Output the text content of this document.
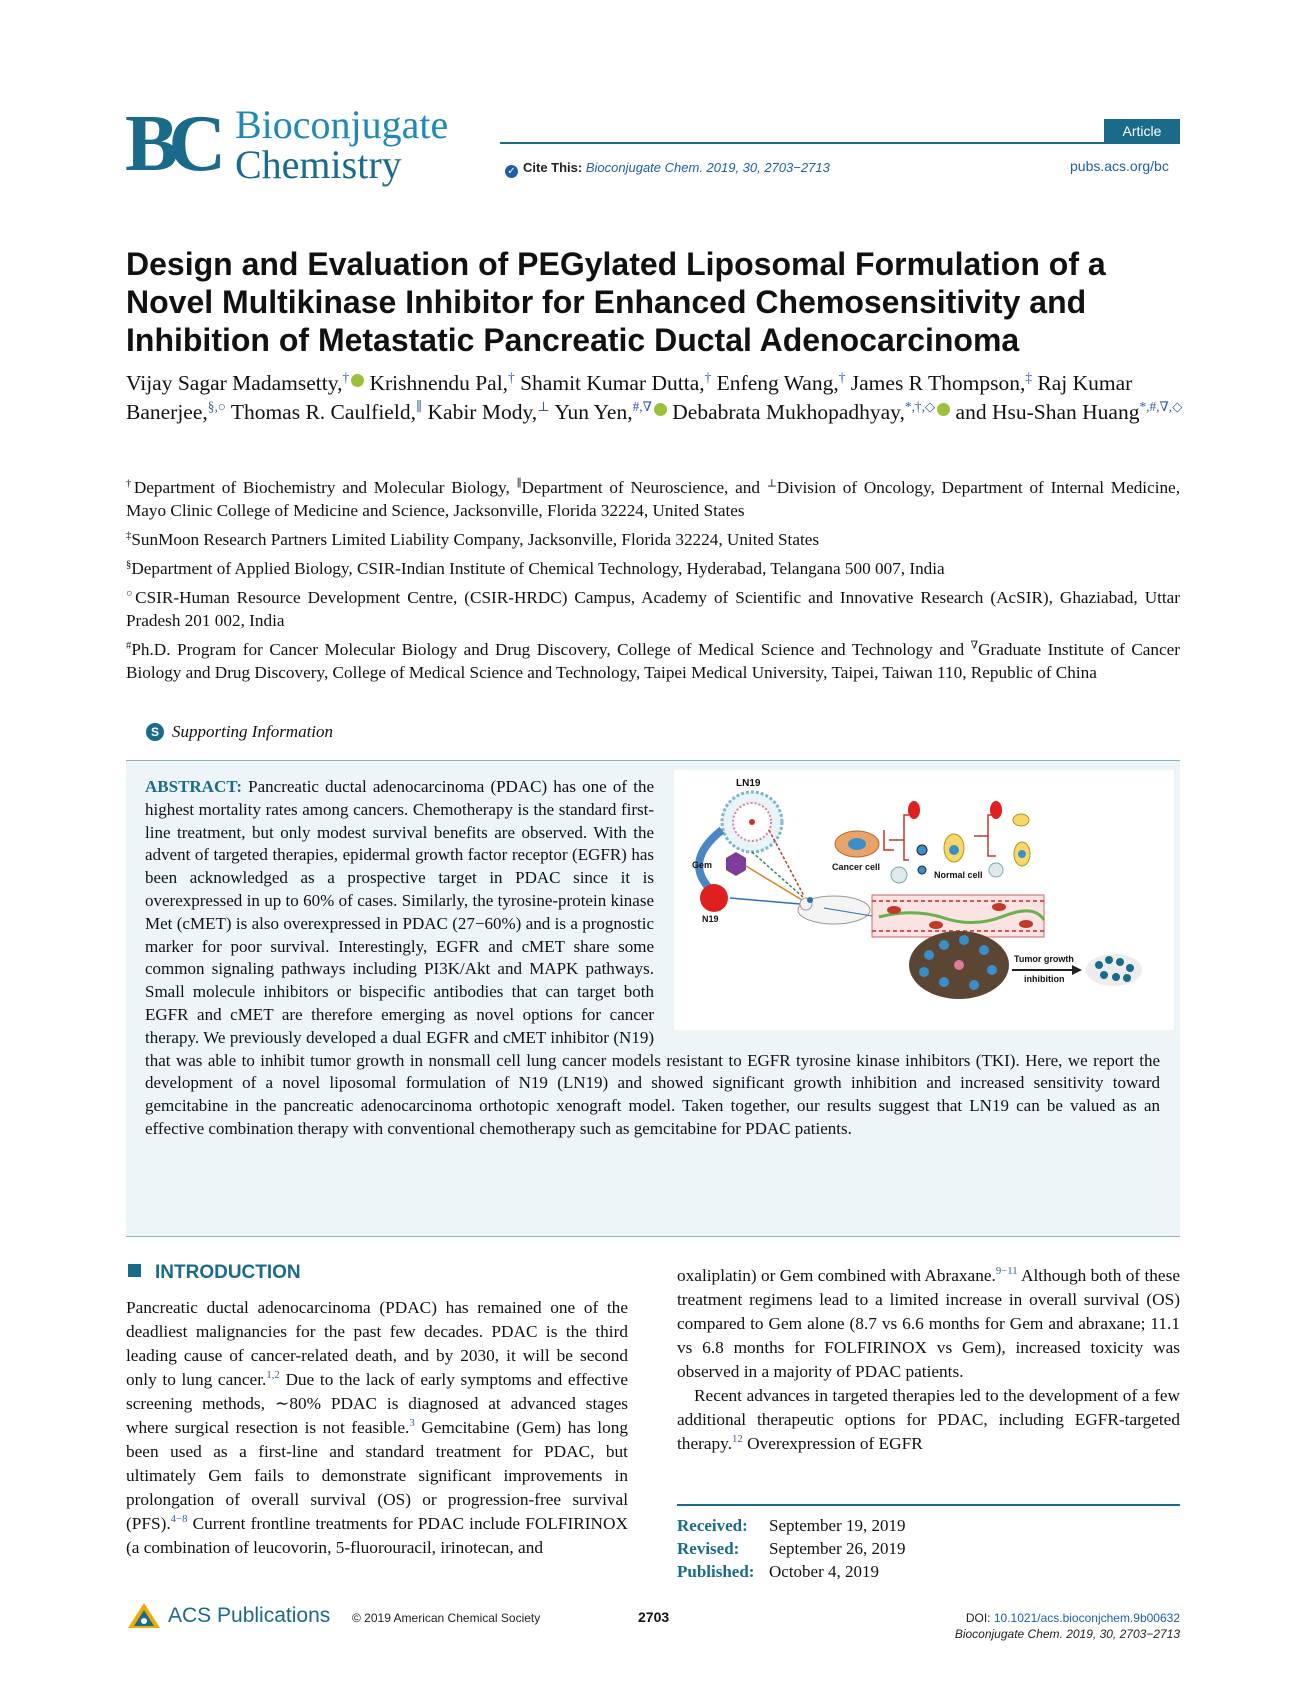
BC Bioconjugate
Chemistry
Article
✓ Cite This: Bioconjugate Chem. 2019, 30, 2703−2713	pubs.acs.org/bc
Design and Evaluation of PEGylated Liposomal Formulation of a Novel Multikinase Inhibitor for Enhanced Chemosensitivity and Inhibition of Metastatic Pancreatic Ductal Adenocarcinoma
Vijay Sagar Madamsetty,† Krishnendu Pal,† Shamit Kumar Dutta,† Enfeng Wang,† James R Thompson,‡ Raj Kumar Banerjee,§,○ Thomas R. Caulfield,∥ Kabir Mody,⊥ Yun Yen,#,∇ Debabrata Mukhopadhyay,*,†,◇ and Hsu-Shan Huang*,#,∇,◇
†Department of Biochemistry and Molecular Biology, ∥Department of Neuroscience, and ⊥Division of Oncology, Department of Internal Medicine, Mayo Clinic College of Medicine and Science, Jacksonville, Florida 32224, United States
‡SunMoon Research Partners Limited Liability Company, Jacksonville, Florida 32224, United States
§Department of Applied Biology, CSIR-Indian Institute of Chemical Technology, Hyderabad, Telangana 500 007, India
○CSIR-Human Resource Development Centre, (CSIR-HRDC) Campus, Academy of Scientific and Innovative Research (AcSIR), Ghaziabad, Uttar Pradesh 201 002, India
#Ph.D. Program for Cancer Molecular Biology and Drug Discovery, College of Medical Science and Technology and ∇Graduate Institute of Cancer Biology and Drug Discovery, College of Medical Science and Technology, Taipei Medical University, Taipei, Taiwan 110, Republic of China
S Supporting Information
LN19
Gem
N19
Cancer cell
Normal cell
Tumor growth
inhibition
ABSTRACT: Pancreatic ductal adenocarcinoma (PDAC) has one of the highest mortality rates among cancers. Chemotherapy is the standard first-line treatment, but only modest survival benefits are observed. With the advent of targeted therapies, epidermal growth factor receptor (EGFR) has been acknowledged as a prospective target in PDAC since it is overexpressed in up to 60% of cases. Similarly, the tyrosine-protein kinase Met (cMET) is also overexpressed in PDAC (27−60%) and is a prognostic marker for poor survival. Interestingly, EGFR and cMET share some common signaling pathways including PI3K/Akt and MAPK pathways. Small molecule inhibitors or bispecific antibodies that can target both EGFR and cMET are therefore emerging as novel options for cancer therapy. We previously developed a dual EGFR and cMET inhibitor (N19) that was able to inhibit tumor growth in nonsmall cell lung cancer models resistant to EGFR tyrosine kinase inhibitors (TKI). Here, we report the development of a novel liposomal formulation of N19 (LN19) and showed significant growth inhibition and increased sensitivity toward gemcitabine in the pancreatic adenocarcinoma orthotopic xenograft model. Taken together, our results suggest that LN19 can be valued as an effective combination therapy with conventional chemotherapy such as gemcitabine for PDAC patients.
INTRODUCTION

Pancreatic ductal adenocarcinoma (PDAC) has remained one of the deadliest malignancies for the past few decades. PDAC is the third leading cause of cancer-related death, and by 2030, it will be second only to lung cancer.$^{1,2}$ Due to the lack of early symptoms and effective screening methods, ∼80% PDAC is diagnosed at advanced stages where surgical resection is not feasible.$^3$ Gemcitabine (Gem) has long been used as a first-line and standard treatment for PDAC, but ultimately Gem fails to demonstrate significant improvements in prolongation of overall survival (OS) or progression-free survival (PFS).$^{4-8}$ Current frontline treatments for PDAC include FOLFIRINOX (a combination of leucovorin, 5-fluorouracil, irinotecan, and

oxaliplatin) or Gem combined with Abraxane.$^{9-11}$ Although both of these treatment regimens lead to a limited increase in overall survival (OS) compared to Gem alone (8.7 vs 6.6 months for Gem and abraxane; 11.1 vs 6.8 months for FOLFIRINOX vs Gem), increased toxicity was observed in a majority of PDAC patients.

Recent advances in targeted therapies led to the development of a few additional therapeutic options for PDAC, including EGFR-targeted therapy.$^{12}$ Overexpression of EGFR

Received:	September 19, 2019
Revised:	September 26, 2019
Published: October 4, 2019
ACS Publications © 2019 American Chemical Society	2703	DOI: 10.1021/acs.bioconjchem.9b00632
Bioconjugate Chem. 2019, 30, 2703−2713
